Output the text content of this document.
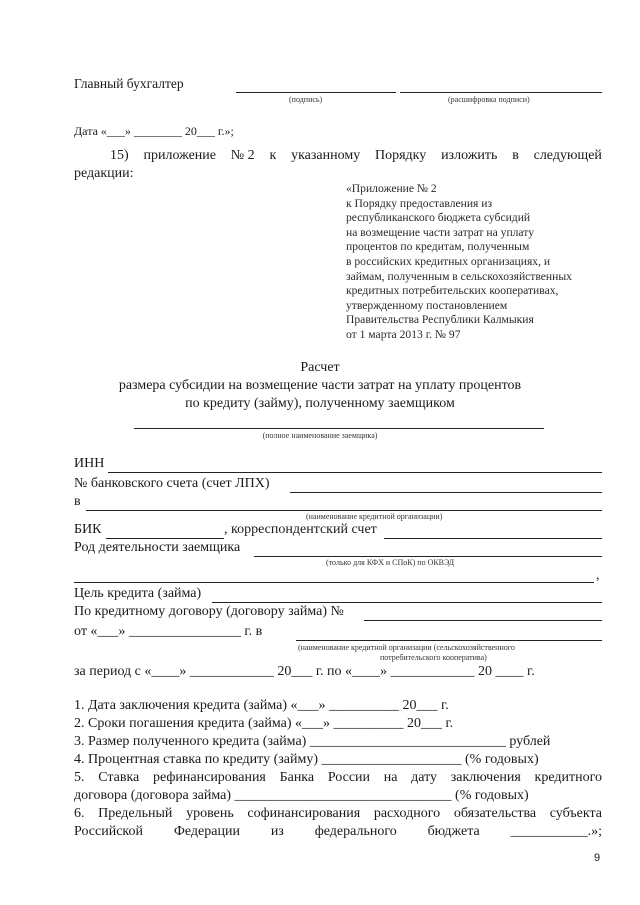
Главный бухгалтер
(подпись)	(расшифровка подписи)
Дата «___» ________ 20___ г.»;
15) приложение № 2 к указанному Порядку изложить в следующей
редакции:
«Приложение № 2
к Порядку предоставления из
республиканского бюджета субсидий
на возмещение части затрат на уплату
процентов по кредитам, полученным
в российских кредитных организациях, и
займам, полученным в сельскохозяйственных
кредитных потребительских кооперативах,
утвержденному постановлением
Правительства Республики Калмыкия
от 1 марта 2013 г. № 97
Расчет
размера субсидии на возмещение части затрат на уплату процентов
по кредиту (займу), полученному заемщиком
(полное наименование заемщика)
ИНН
№ банковского счета (счет ЛПХ)
в
(наименование кредитной организации)
БИК	, корреспондентский счет
Род деятельности заемщика
(только для КФХ и СПоК) по ОКВЭД
,
Цель кредита (займа)
По кредитному договору (договору займа) №
от «___» ________________ г. в
(наименование кредитной организации (сельскохозяйственного
потребительского кооператива)
за период с «____» ____________ 20___ г. по «____» ____________ 20 ____ г.
1. Дата заключения кредита (займа) «___» __________ 20___ г.
2. Сроки погашения кредита (займа) «___» __________ 20___ г.
3. Размер полученного кредита (займа) ____________________________ рублей
4. Процентная ставка по кредиту (займу) ____________________ (% годовых)
5. Ставка рефинансирования Банка России на дату заключения кредитного
договора (договора займа) _______________________________ (% годовых)
6. Предельный уровень софинансирования расходного обязательства субъекта
Российской Федерации из федерального бюджета ___________.»;
9
